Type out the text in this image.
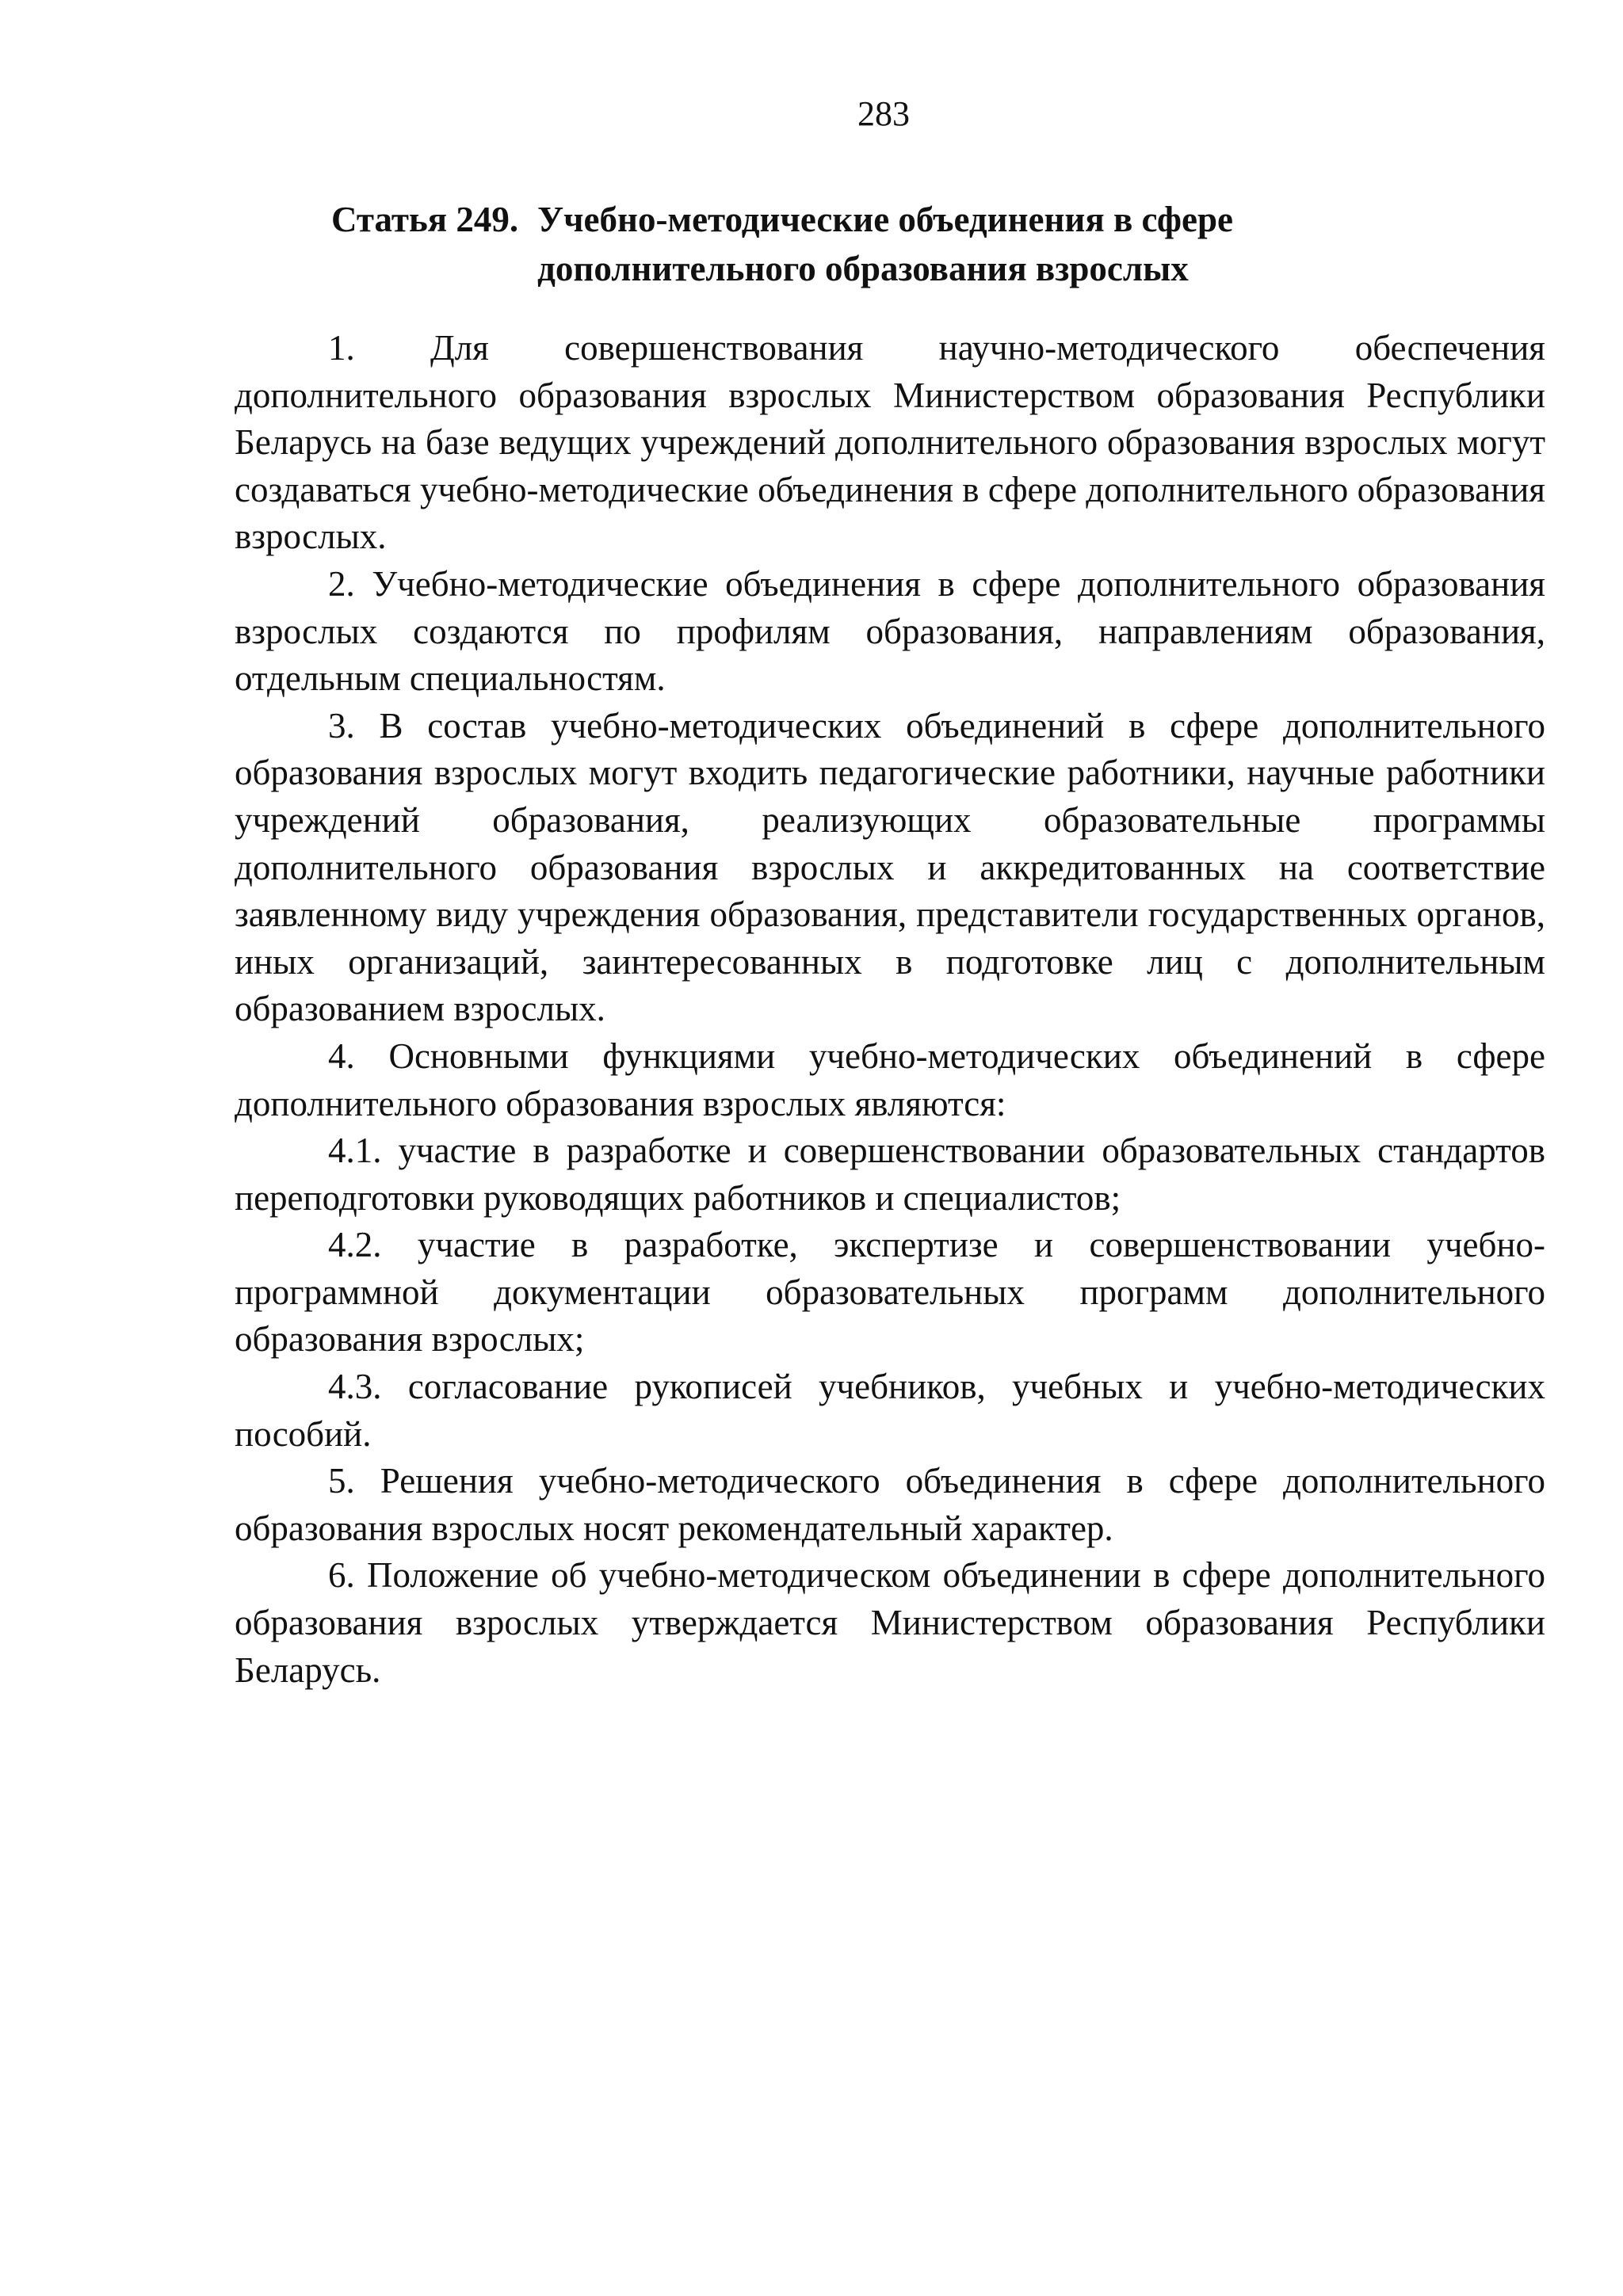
283
Статья 249. Учебно-методические объединения в сфере
дополнительного образования взрослых

1. Для совершенствования научно-методического обеспечения дополнительного образования взрослых Министерством образования Республики Беларусь на базе ведущих учреждений дополнительного образования взрослых могут создаваться учебно-методические объединения в сфере дополнительного образования взрослых.

2. Учебно-методические объединения в сфере дополнительного образования взрослых создаются по профилям образования, направлениям образования, отдельным специальностям.

3. В состав учебно-методических объединений в сфере дополнительного образования взрослых могут входить педагогические работники, научные работники учреждений образования, реализующих образовательные программы дополнительного образования взрослых и аккредитованных на соответствие заявленному виду учреждения образования, представители государственных органов, иных организаций, заинтересованных в подготовке лиц с дополнительным образованием взрослых.

4. Основными функциями учебно-методических объединений в сфере дополнительного образования взрослых являются:

4.1. участие в разработке и совершенствовании образовательных стандартов переподготовки руководящих работников и специалистов;

4.2. участие в разработке, экспертизе и совершенствовании учебно-программной документации образовательных программ дополнительного образования взрослых;

4.3. согласование рукописей учебников, учебных и учебно-методических пособий.

5. Решения учебно-методического объединения в сфере дополнительного образования взрослых носят рекомендательный характер.

6. Положение об учебно-методическом объединении в сфере дополнительного образования взрослых утверждается Министерством образования Республики Беларусь.
